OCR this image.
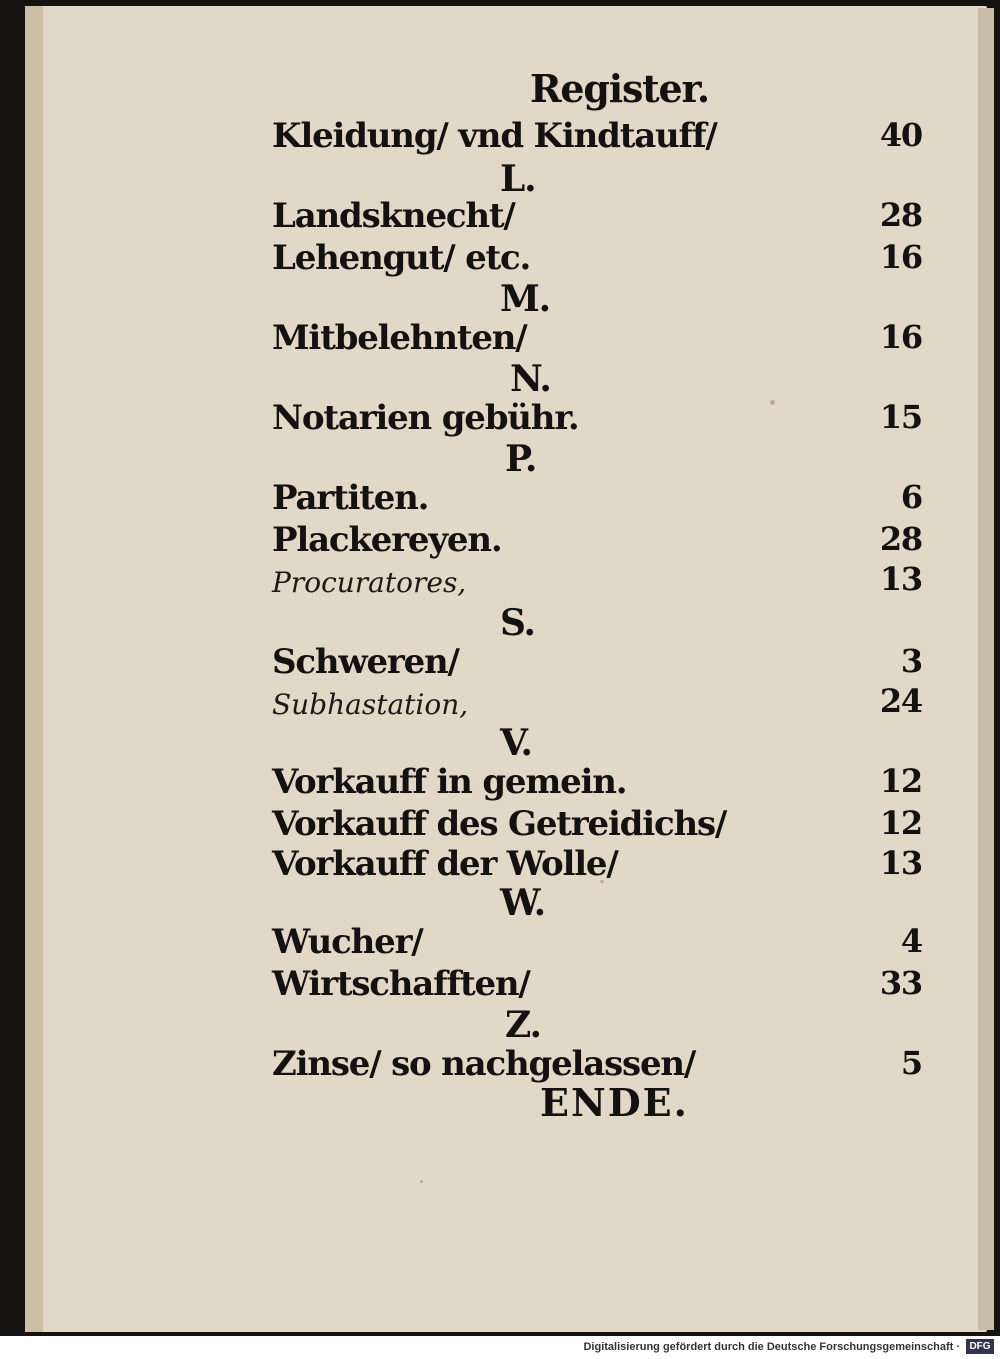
Register.
Kleidung/ vnd Kindtauff/	40
L.
Landsknecht/	28
Lehengut/ etc.	16
M.
Mitbelehnten/	16
N.
Notarien gebühr.	15
P.
Partiten.	6
Plackereyen.	28
Procuratores,	13
S.
Schweren/	3
Subhastation,	24
V.
Vorkauff in gemein.	12
Vorkauff des Getreidichs/	12
Vorkauff der Wolle/	13
W.
Wucher/	4
Wirtschafften/	33
Z.
Zinse/ so nachgelassen/	5
ENDE.
Digitalisierung gefördert durch die Deutsche Forschungsgemeinschaft · DFG
